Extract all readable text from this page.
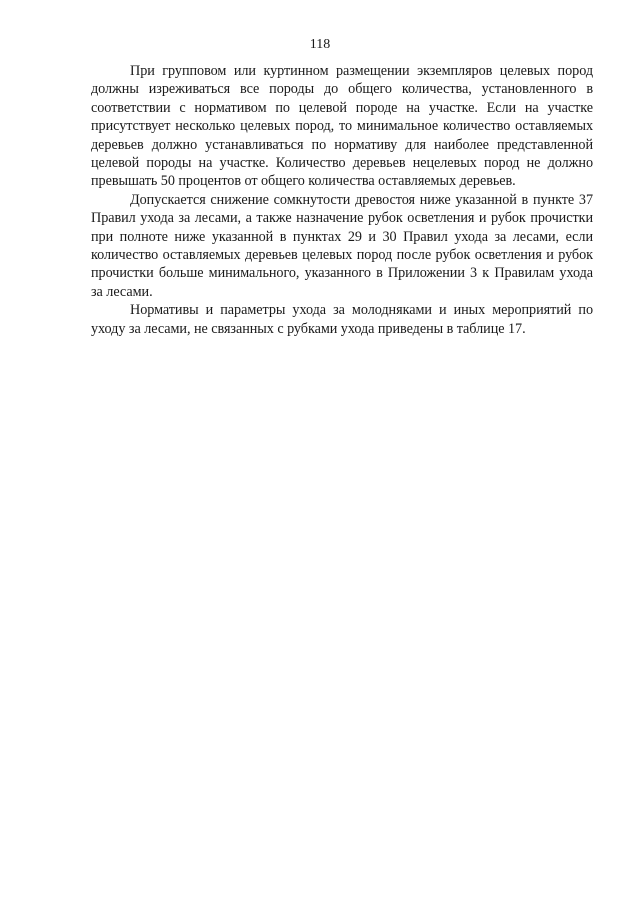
118

При групповом или куртинном размещении экземпляров целевых пород должны изреживаться все породы до общего количества, установленного в соответствии с нормативом по целевой породе на участке. Если на участке присутствует несколько целевых пород, то минимальное количество оставляемых деревьев должно устанавливаться по нормативу для наиболее представленной целевой породы на участке. Количество деревьев нецелевых пород не должно превышать 50 процентов от общего количества оставляемых деревьев.

Допускается снижение сомкнутости древостоя ниже указанной в пункте 37 Правил ухода за лесами, а также назначение рубок осветления и рубок прочистки при полноте ниже указанной в пунктах 29 и 30 Правил ухода за лесами, если количество оставляемых деревьев целевых пород после рубок осветления и рубок прочистки больше минимального, указанного в Приложении 3 к Правилам ухода за лесами.

Нормативы и параметры ухода за молодняками и иных мероприятий по уходу за лесами, не связанных с рубками ухода приведены в таблице 17.
